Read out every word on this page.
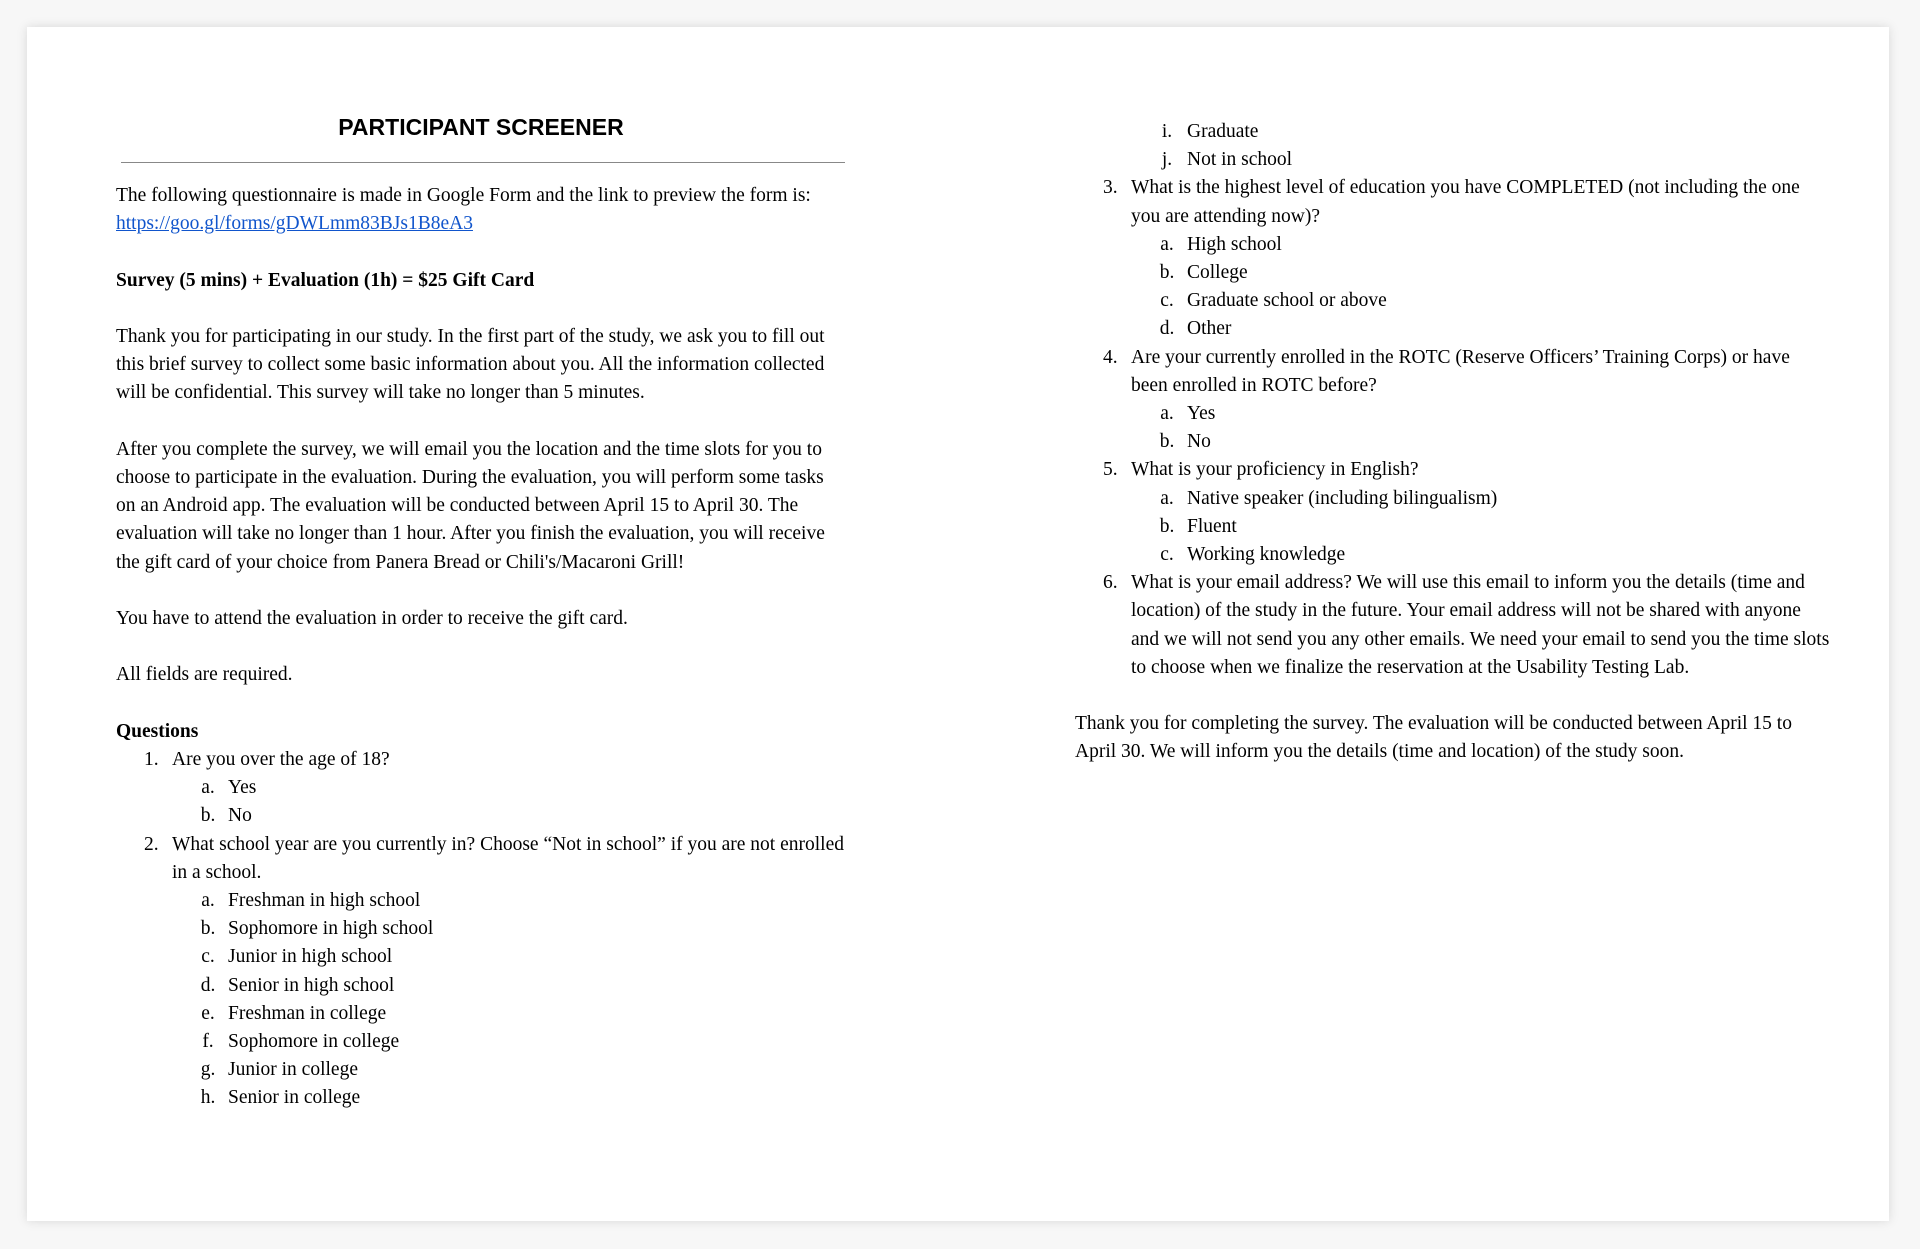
PARTICIPANT SCREENER

The following questionnaire is made in Google Form and the link to preview the form is:
https://goo.gl/forms/gDWLmm83BJs1B8eA3

Survey (5 mins) + Evaluation (1h) = $25 Gift Card

Thank you for participating in our study. In the first part of the study, we ask you to fill out this brief survey to collect some basic information about you. All the information collected will be confidential. This survey will take no longer than 5 minutes.

After you complete the survey, we will email you the location and the time slots for you to choose to participate in the evaluation. During the evaluation, you will perform some tasks on an Android app. The evaluation will be conducted between April 15 to April 30. The evaluation will take no longer than 1 hour. After you finish the evaluation, you will receive the gift card of your choice from Panera Bread or Chili's/Macaroni Grill!

You have to attend the evaluation in order to receive the gift card.

All fields are required.

Questions

1. Are you over the age of 18?
a. Yes
b. No
2. What school year are you currently in? Choose “Not in school” if you are not enrolled in a school.
a. Freshman in high school
b. Sophomore in high school
c. Junior in high school
d. Senior in high school
e. Freshman in college
f. Sophomore in college
g. Junior in college
h. Senior in college
i. Graduate
j. Not in school
3. What is the highest level of education you have COMPLETED (not including the one you are attending now)?
a. High school
b. College
c. Graduate school or above
d. Other
4. Are your currently enrolled in the ROTC (Reserve Officers’ Training Corps) or have been enrolled in ROTC before?
a. Yes
b. No
5. What is your proficiency in English?
a. Native speaker (including bilingualism)
b. Fluent
c. Working knowledge
6. What is your email address? We will use this email to inform you the details (time and location) of the study in the future. Your email address will not be shared with anyone and we will not send you any other emails. We need your email to send you the time slots to choose when we finalize the reservation at the Usability Testing Lab.

Thank you for completing the survey. The evaluation will be conducted between April 15 to April 30. We will inform you the details (time and location) of the study soon.
